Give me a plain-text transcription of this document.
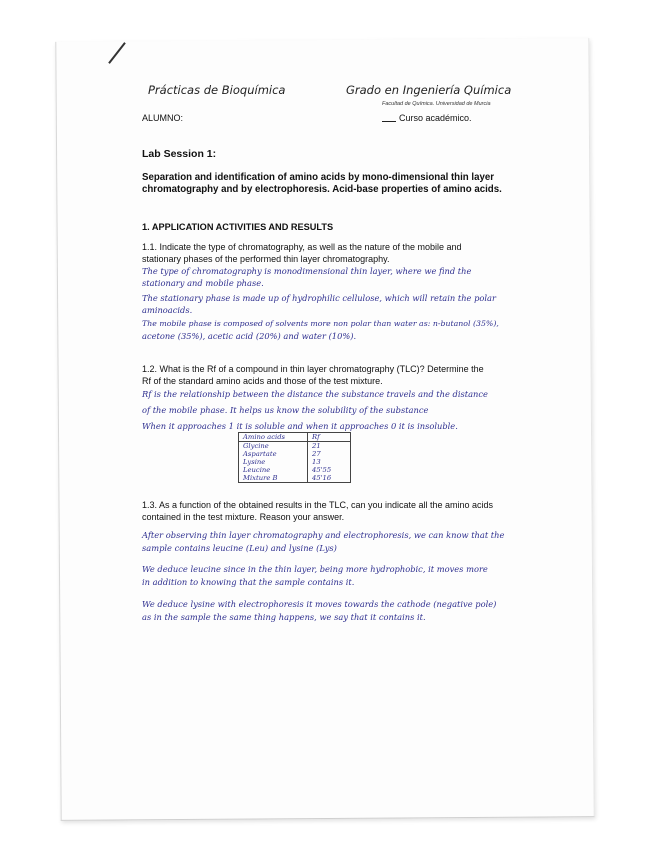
Prácticas de Bioquímica	Grado en Ingeniería Química
Facultad de Química. Universidad de Murcia
ALUMNO:	Curso académico.
Lab Session 1:
Separation and identification of amino acids by mono-dimensional thin layer chromatography and by electrophoresis. Acid-base properties of amino acids.
1. APPLICATION ACTIVITIES AND RESULTS
1.1. Indicate the type of chromatography, as well as the nature of the mobile and
stationary phases of the performed thin layer chromatography.
The type of chromatography is monodimensional thin layer, where we find the
stationary and mobile phase.
The stationary phase is made up of hydrophilic cellulose, which will retain the polar
aminoacids.
The mobile phase is composed of solvents more non polar than water as: n-butanol (35%),
acetone (35%), acetic acid (20%) and water (10%).
1.2. What is the Rf of a compound in thin layer chromatography (TLC)? Determine the
Rf of the standard amino acids and those of the test mixture.
Rf is the relationship between the distance the substance travels and the distance
of the mobile phase. It helps us know the solubility of the substance
When it approaches 1 it is soluble and when it approaches 0 it is insoluble.
Amino acids	Rf
Glycine	21
Aspartate	27
Lysine	13
Leucine	45'55
Mixture B	45'16
1.3. As a function of the obtained results in the TLC, can you indicate all the amino acids
contained in the test mixture. Reason your answer.
After observing thin layer chromatography and electrophoresis, we can know that the
sample contains leucine (Leu) and lysine (Lys)
We deduce leucine since in the thin layer, being more hydrophobic, it moves more
in addition to knowing that the sample contains it.
We deduce lysine with electrophoresis it moves towards the cathode (negative pole)
as in the sample the same thing happens, we say that it contains it.
